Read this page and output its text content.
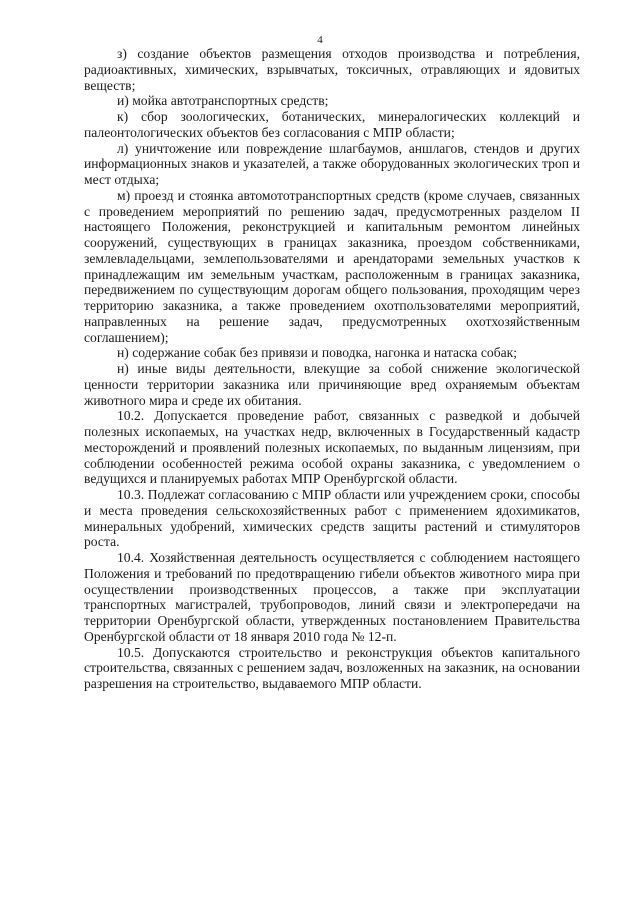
4

з) создание объектов размещения отходов производства и потребления, радиоактивных, химических, взрывчатых, токсичных, отравляющих и ядовитых веществ;

и) мойка автотранспортных средств;

к) сбор зоологических, ботанических, минералогических коллекций и палеонтологических объектов без согласования с МПР области;

л) уничтожение или повреждение шлагбаумов, аншлагов, стендов и других информационных знаков и указателей, а также оборудованных экологических троп и мест отдыха;

м) проезд и стоянка автомототранспортных средств (кроме случаев, связанных с проведением мероприятий по решению задач, предусмотренных разделом II настоящего Положения, реконструкцией и капитальным ремонтом линейных сооружений, существующих в границах заказника, проездом собственниками, землевладельцами, землепользователями и арендаторами земельных участков к принадлежащим им земельным участкам, расположенным в границах заказника, передвижением по существующим дорогам общего пользования, проходящим через территорию заказника, а также проведением охотпользователями мероприятий, направленных на решение задач, предусмотренных охотхозяйственным соглашением);

н) содержание собак без привязи и поводка, нагонка и натаска собак;

н) иные виды деятельности, влекущие за собой снижение экологической ценности территории заказника или причиняющие вред охраняемым объектам животного мира и среде их обитания.

10.2. Допускается проведение работ, связанных с разведкой и добычей полезных ископаемых, на участках недр, включенных в Государственный кадастр месторождений и проявлений полезных ископаемых, по выданным лицензиям, при соблюдении особенностей режима особой охраны заказника, с уведомлением о ведущихся и планируемых работах МПР Оренбургской области.

10.3. Подлежат согласованию с МПР области или учреждением сроки, способы и места проведения сельскохозяйственных работ с применением ядохимикатов, минеральных удобрений, химических средств защиты растений и стимуляторов роста.

10.4. Хозяйственная деятельность осуществляется с соблюдением настоящего Положения и требований по предотвращению гибели объектов животного мира при осуществлении производственных процессов, а также при эксплуатации транспортных магистралей, трубопроводов, линий связи и электропередачи на территории Оренбургской области, утвержденных постановлением Правительства Оренбургской области от 18 января 2010 года № 12-п.

10.5. Допускаются строительство и реконструкция объектов капитального строительства, связанных с решением задач, возложенных на заказник, на основании разрешения на строительство, выдаваемого МПР области.
